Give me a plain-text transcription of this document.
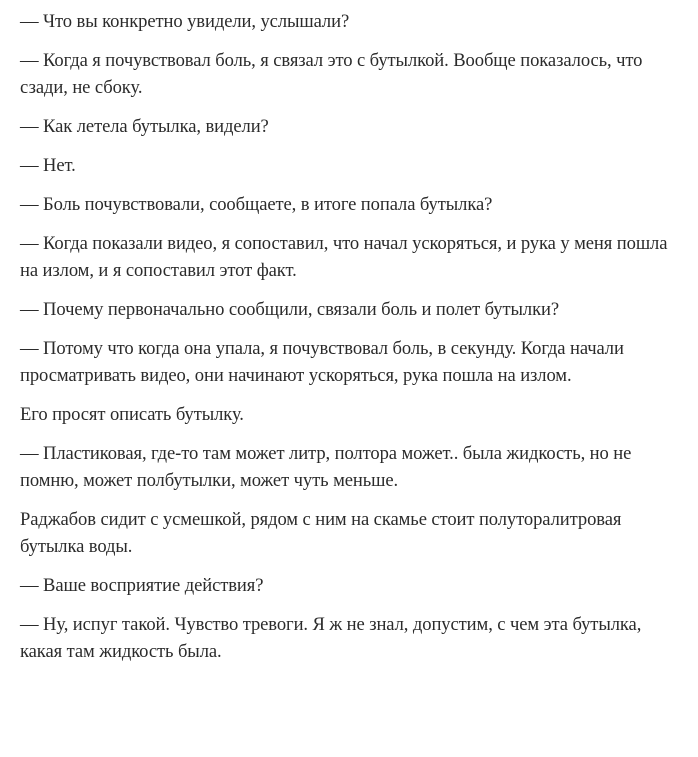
— Что вы конкретно увидели, услышали?

— Когда я почувствовал боль, я связал это с бутылкой. Вообще показалось, что сзади, не сбоку.

— Как летела бутылка, видели?

— Нет.

— Боль почувствовали, сообщаете, в итоге попала бутылка?

— Когда показали видео, я сопоставил, что начал ускоряться, и рука у меня пошла на излом, и я сопоставил этот факт.

— Почему первоначально сообщили, связали боль и полет бутылки?

— Потому что когда она упала, я почувствовал боль, в секунду. Когда начали просматривать видео, они начинают ускоряться, рука пошла на излом.

Его просят описать бутылку.

— Пластиковая, где-то там может литр, полтора может.. была жидкость, но не помню, может полбутылки, может чуть меньше.

Раджабов сидит с усмешкой, рядом с ним на скамье стоит полуторалитровая бутылка воды.

— Ваше восприятие действия?

— Ну, испуг такой. Чувство тревоги. Я ж не знал, допустим, с чем эта бутылка, какая там жидкость была.
